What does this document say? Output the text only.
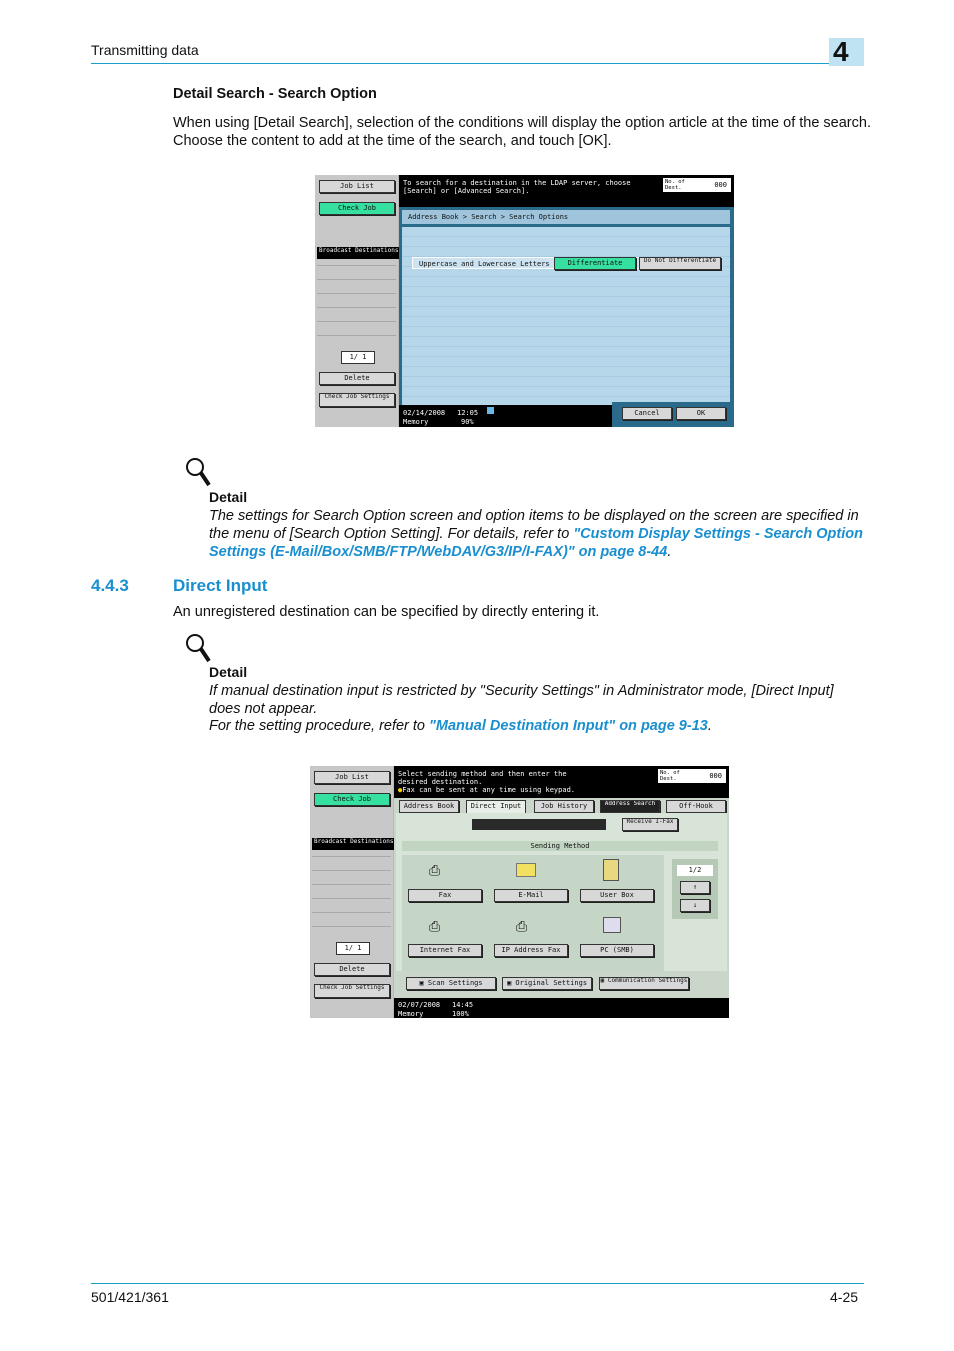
Transmitting data	4
Detail Search - Search Option
When using [Detail Search], selection of the conditions will display the option article at the time of the search. Choose the content to add at the time of the search, and touch [OK].
Job List
Check Job
Broadcast Destinations
1/ 1
Delete
Check Job Settings
To search for a destination in the LDAP server, choose [Search] or [Advanced Search].
No. of Dest.	000
Address Book > Search > Search Options
Uppercase and Lowercase Letters	Differentiate	Do Not Differentiate
02/14/2008 12:05
Memory	90%
Cancel	OK
Detail
The settings for Search Option screen and option items to be displayed on the screen are specified in the menu of [Search Option Setting]. For details, refer to "Custom Display Settings - Search Option Settings (E-Mail/Box/SMB/FTP/WebDAV/G3/IP/I-FAX)" on page 8-44.
4.4.3	Direct Input
An unregistered destination can be specified by directly entering it.
Detail
If manual destination input is restricted by "Security Settings" in Administrator mode, [Direct Input] does not appear.
For the setting procedure, refer to "Manual Destination Input" on page 9-13.
Job List
Check Job
Broadcast Destinations
1/ 1
Delete
Check Job Settings
Select sending method and then enter the desired destination.
●Fax can be sent at any time using keypad.
No. of Dest.	000
Address Book	Direct Input	Job History	Address Search	Off-Hook
Receive I-Fax
Sending Method
⎙
Fax	E-Mail	User Box
⎙	⎙
Internet Fax	IP Address Fax	PC (SMB)
1/2
↑
↓
▣ Scan Settings	▣ Original Settings	▣ Communication Settings
02/07/2008 14:45
Memory	100%
501/421/361	4-25
